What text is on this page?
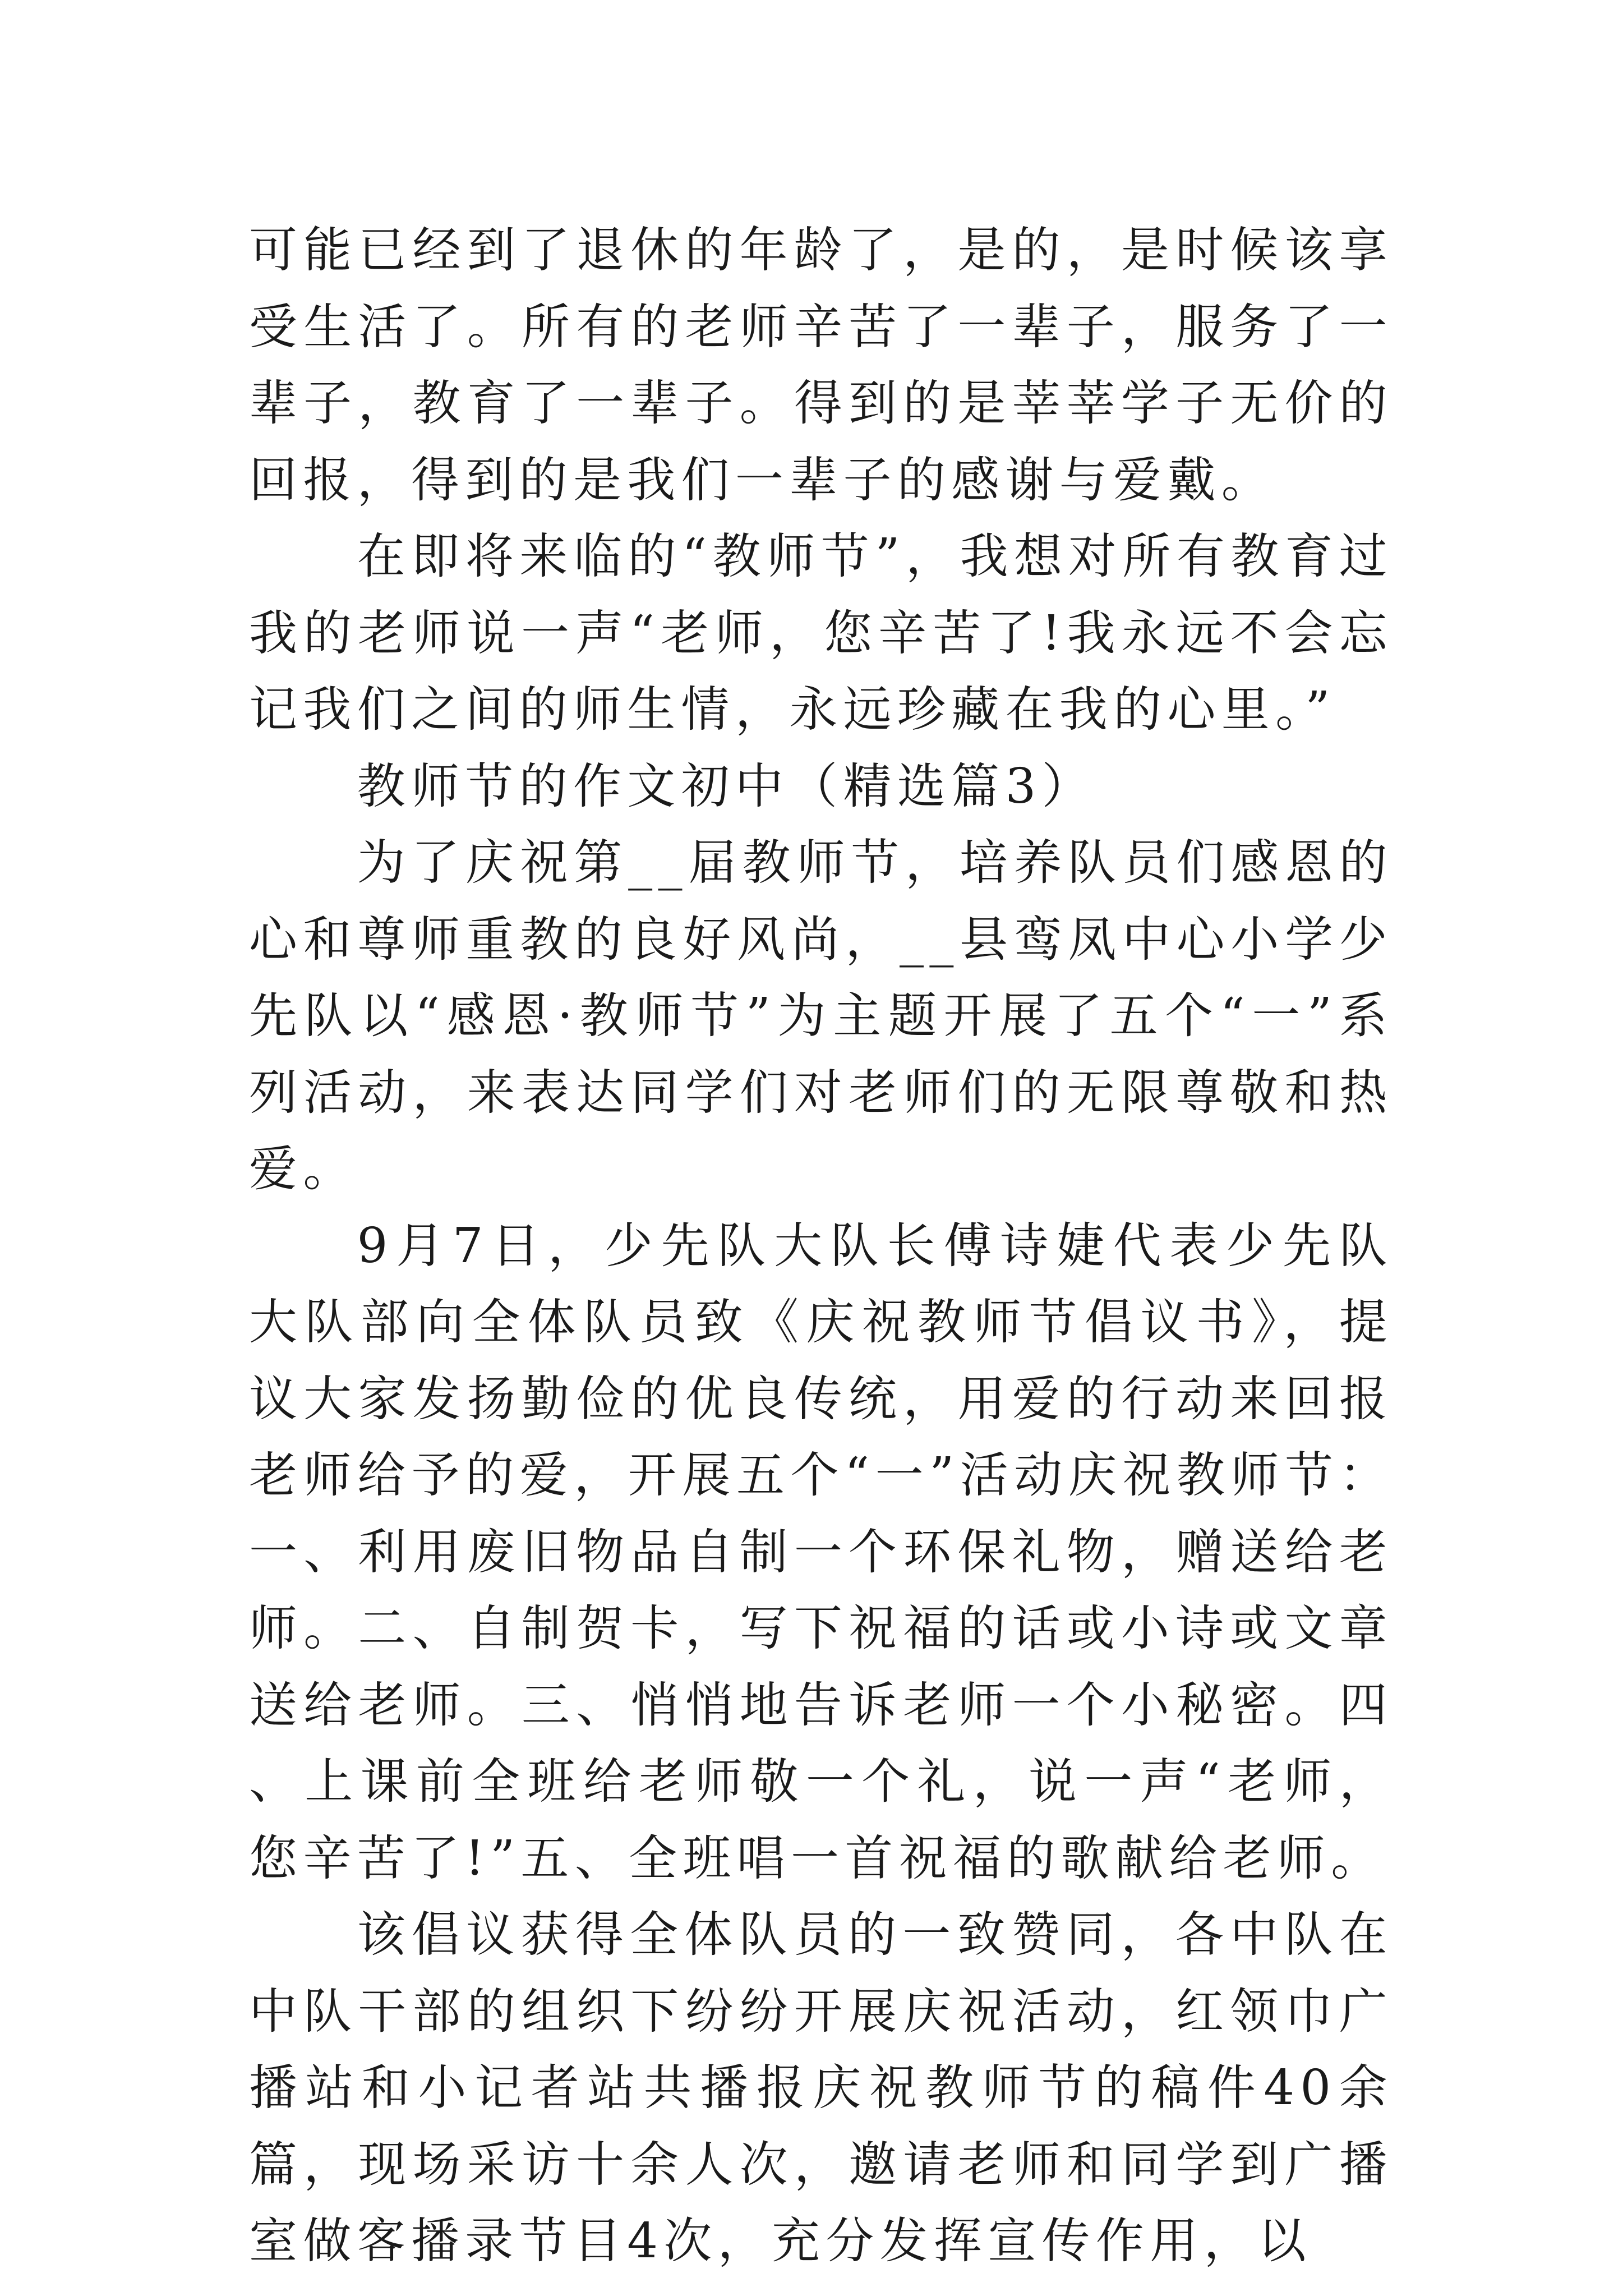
可能已经到了退休的年龄了，是的，是时候该享受生活了。所有的老师辛苦了一辈子，服务了一辈子，教育了一辈子。得到的是莘莘学子无价的回报，得到的是我们一辈子的感谢与爱戴。

在即将来临的“教师节”，我想对所有教育过我的老师说一声“老师，您辛苦了!我永远不会忘记我们之间的师生情，永远珍藏在我的心里。”

教师节的作文初中（精选篇3）

为了庆祝第__届教师节，培养队员们感恩的心和尊师重教的良好风尚，__县鸾凤中心小学少先队以“感恩·教师节”为主题开展了五个“一”系列活动，来表达同学们对老师们的无限尊敬和热爱。

9月7日，少先队大队长傅诗婕代表少先队大队部向全体队员致《庆祝教师节倡议书》，提议大家发扬勤俭的优良传统，用爱的行动来回报老师给予的爱，开展五个“一”活动庆祝教师节：一、利用废旧物品自制一个环保礼物，赠送给老师。二、自制贺卡，写下祝福的话或小诗或文章送给老师。三、悄悄地告诉老师一个小秘密。四、上课前全班给老师敬一个礼，说一声“老师，您辛苦了!”五、全班唱一首祝福的歌献给老师。

该倡议获得全体队员的一致赞同，各中队在中队干部的组织下纷纷开展庆祝活动，红领巾广播站和小记者站共播报庆祝教师节的稿件40余篇，现场采访十余人次，邀请老师和同学到广播室做客播录节目4次，充分发挥宣传作用，以
